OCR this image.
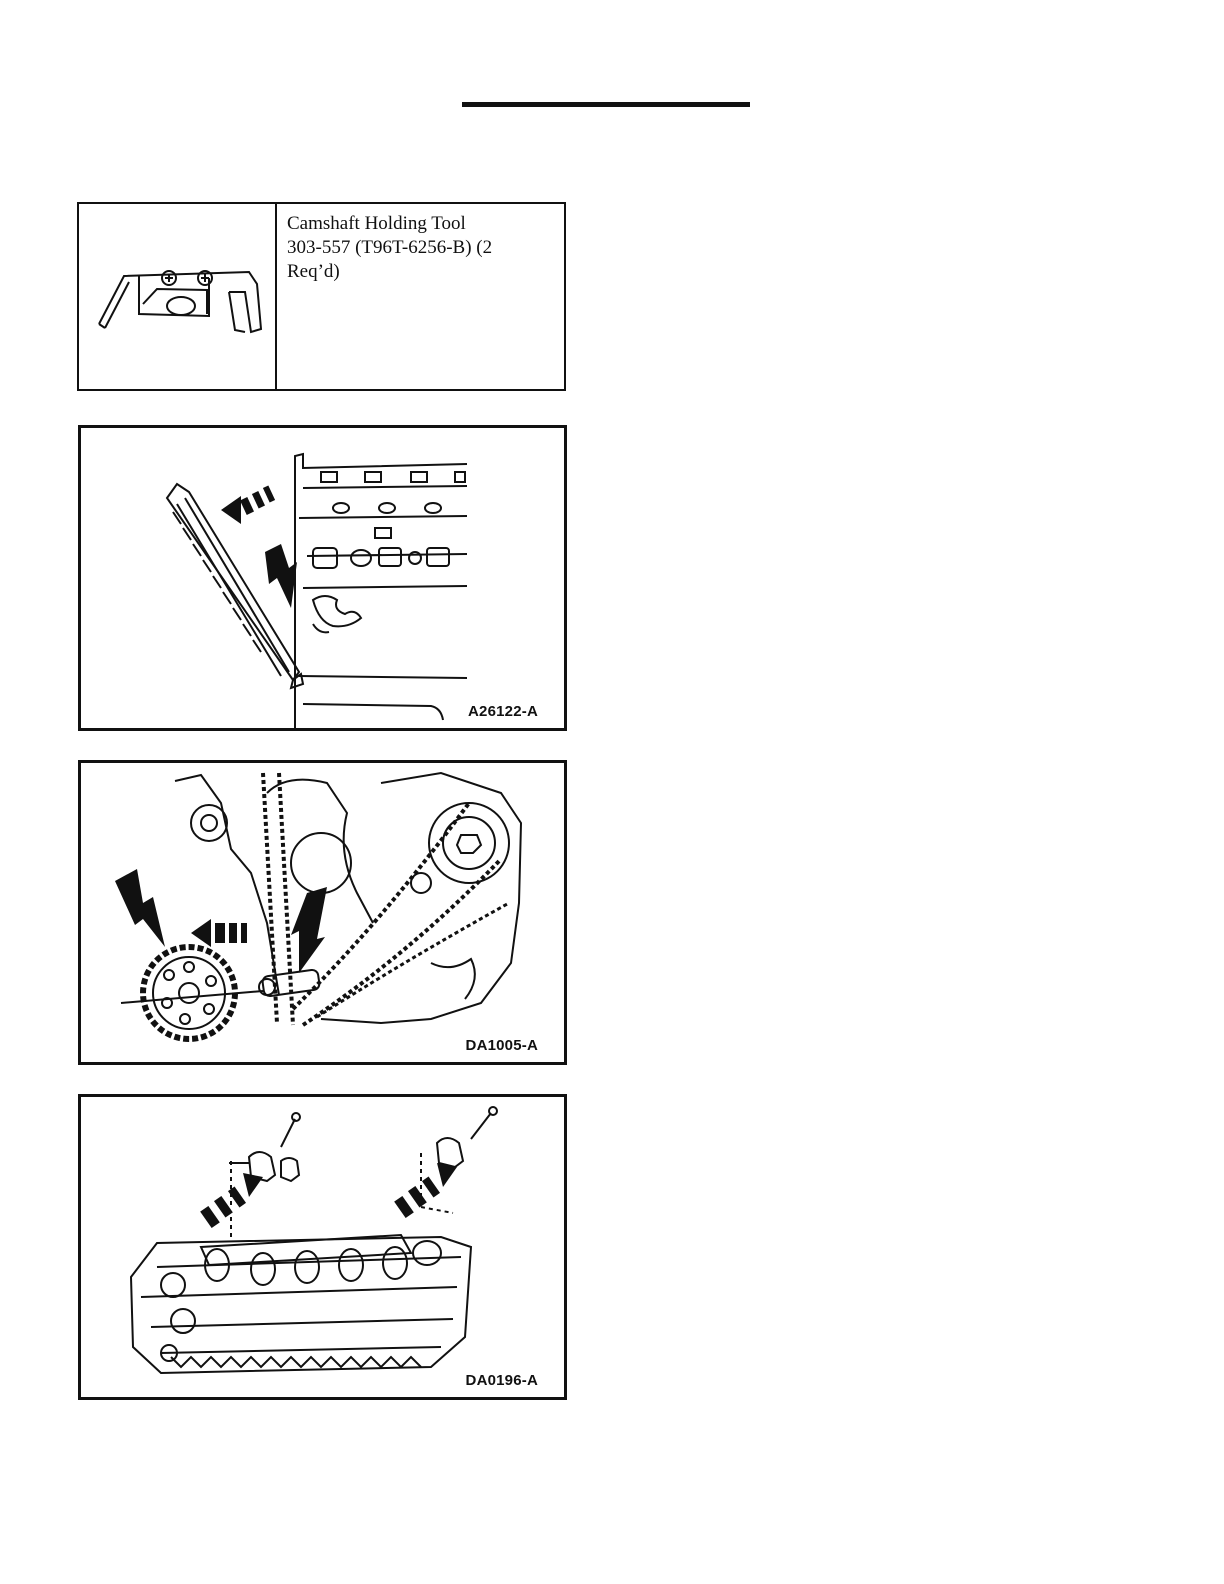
Camshaft Holding Tool
303-557 (T96T-6256-B) (2
Req’d)
A26122-A
DA1005-A
DA0196-A
